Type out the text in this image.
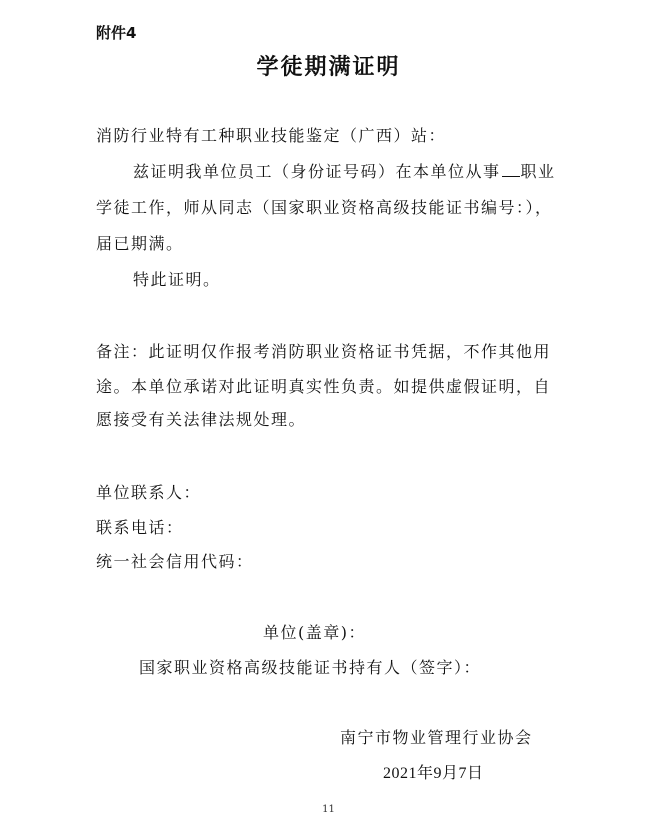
附件4
学徒期满证明
消防行业特有工种职业技能鉴定（广西）站：
兹证明我单位员工（身份证号码）在本单位从事 职业
学徒工作，师从同志（国家职业资格高级技能证书编号：），
届已期满。
特此证明。
备注：此证明仅作报考消防职业资格证书凭据，不作其他用
途。本单位承诺对此证明真实性负责。如提供虚假证明，自
愿接受有关法律法规处理。
单位联系人：
联系电话：
统一社会信用代码：
单位(盖章)：
国家职业资格高级技能证书持有人（签字）：
南宁市物业管理行业协会
2021年9月7日
11
